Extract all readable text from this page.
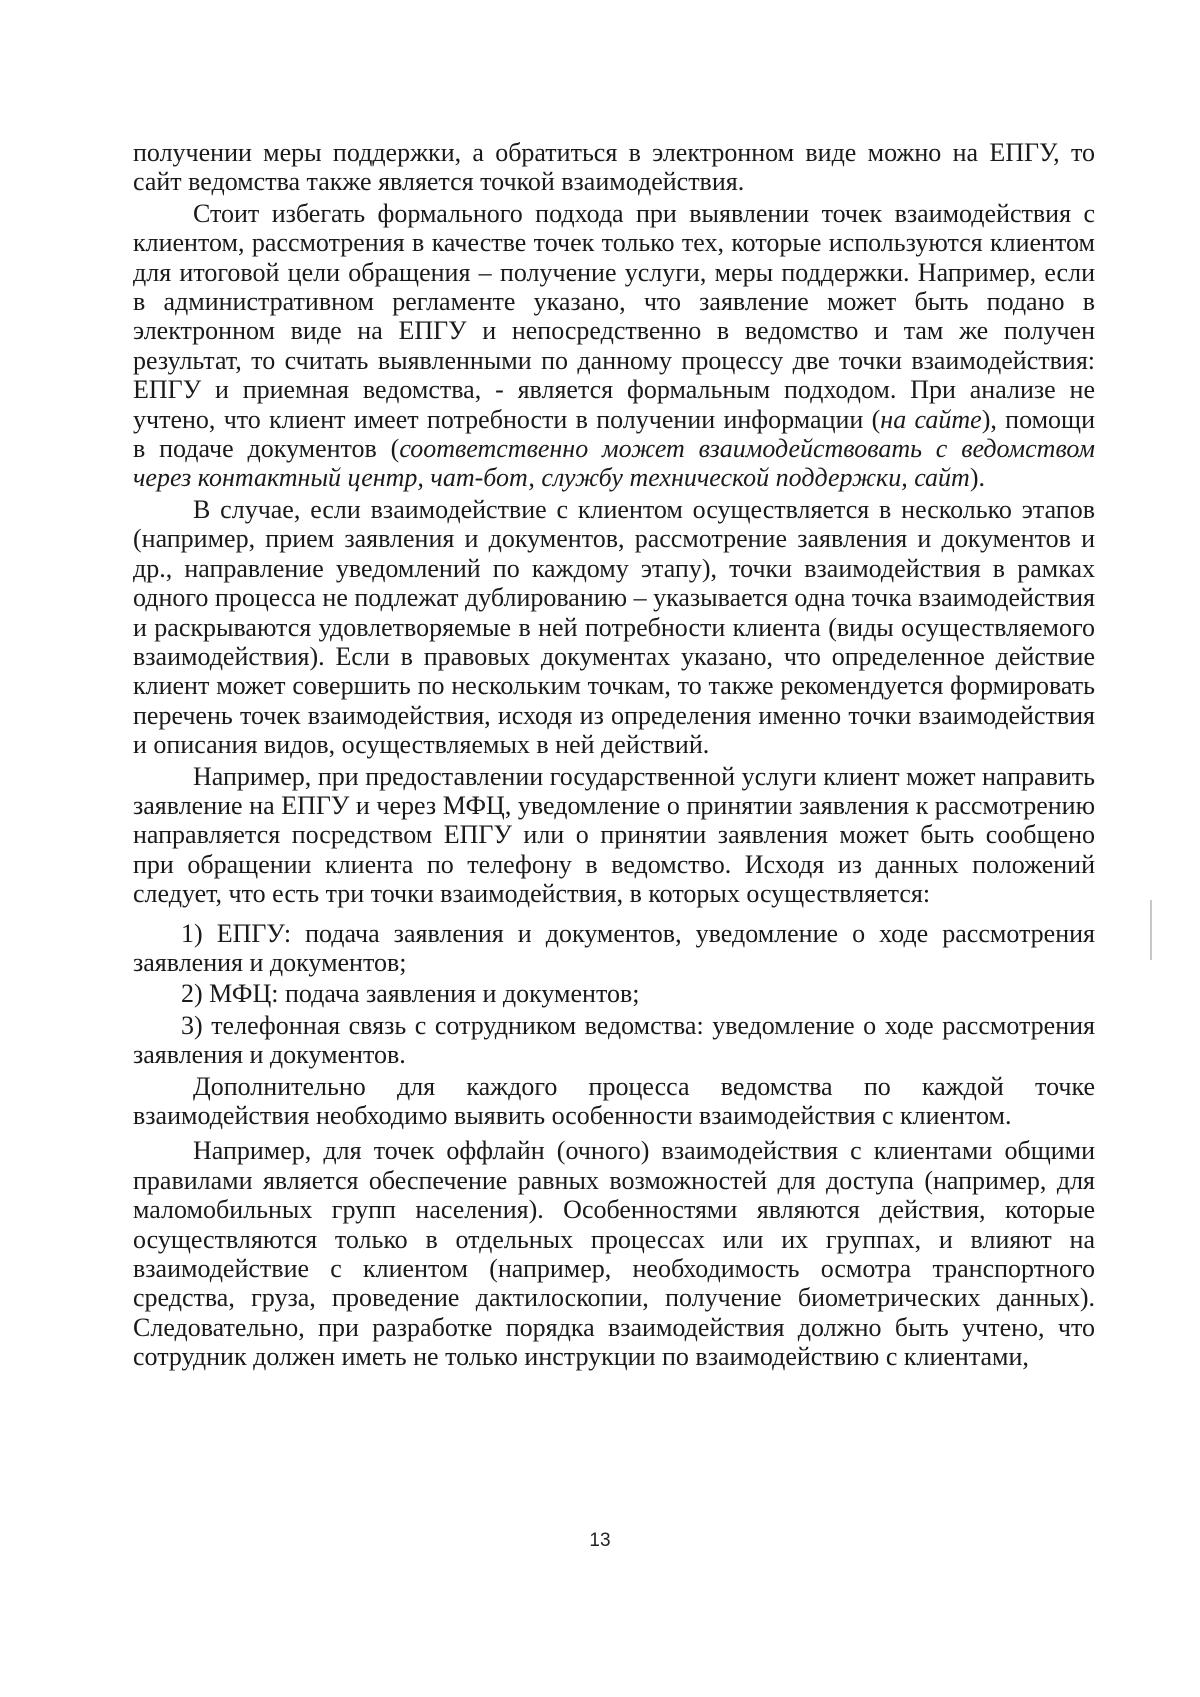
получении меры поддержки, а обратиться в электронном виде можно на ЕПГУ, то сайт ведомства также является точкой взаимодействия.

Стоит избегать формального подхода при выявлении точек взаимодействия с клиентом, рассмотрения в качестве точек только тех, которые используются клиентом для итоговой цели обращения – получение услуги, меры поддержки. Например, если в административном регламенте указано, что заявление может быть подано в электронном виде на ЕПГУ и непосредственно в ведомство и там же получен результат, то считать выявленными по данному процессу две точки взаимодействия: ЕПГУ и приемная ведомства, - является формальным подходом. При анализе не учтено, что клиент имеет потребности в получении информации (на сайте), помощи в подаче документов (соответственно может взаимодействовать с ведомством через контактный центр, чат-бот, службу технической поддержки, сайт).

В случае, если взаимодействие с клиентом осуществляется в несколько этапов (например, прием заявления и документов, рассмотрение заявления и документов и др., направление уведомлений по каждому этапу), точки взаимодействия в рамках одного процесса не подлежат дублированию – указывается одна точка взаимодействия и раскрываются удовлетворяемые в ней потребности клиента (виды осуществляемого взаимодействия). Если в правовых документах указано, что определенное действие клиент может совершить по нескольким точкам, то также рекомендуется формировать перечень точек взаимодействия, исходя из определения именно точки взаимодействия и описания видов, осуществляемых в ней действий.

Например, при предоставлении государственной услуги клиент может направить заявление на ЕПГУ и через МФЦ, уведомление о принятии заявления к рассмотрению направляется посредством ЕПГУ или о принятии заявления может быть сообщено при обращении клиента по телефону в ведомство. Исходя из данных положений следует, что есть три точки взаимодействия, в которых осуществляется:

1) ЕПГУ: подача заявления и документов, уведомление о ходе рассмотрения заявления и документов;

2) МФЦ: подача заявления и документов;

3) телефонная связь с сотрудником ведомства: уведомление о ходе рассмотрения заявления и документов.

Дополнительно для каждого процесса ведомства по каждой точке взаимодействия необходимо выявить особенности взаимодействия с клиентом.

Например, для точек оффлайн (очного) взаимодействия с клиентами общими правилами является обеспечение равных возможностей для доступа (например, для маломобильных групп населения). Особенностями являются действия, которые осуществляются только в отдельных процессах или их группах, и влияют на взаимодействие с клиентом (например, необходимость осмотра транспортного средства, груза, проведение дактилоскопии, получение биометрических данных). Следовательно, при разработке порядка взаимодействия должно быть учтено, что сотрудник должен иметь не только инструкции по взаимодействию с клиентами,

13
